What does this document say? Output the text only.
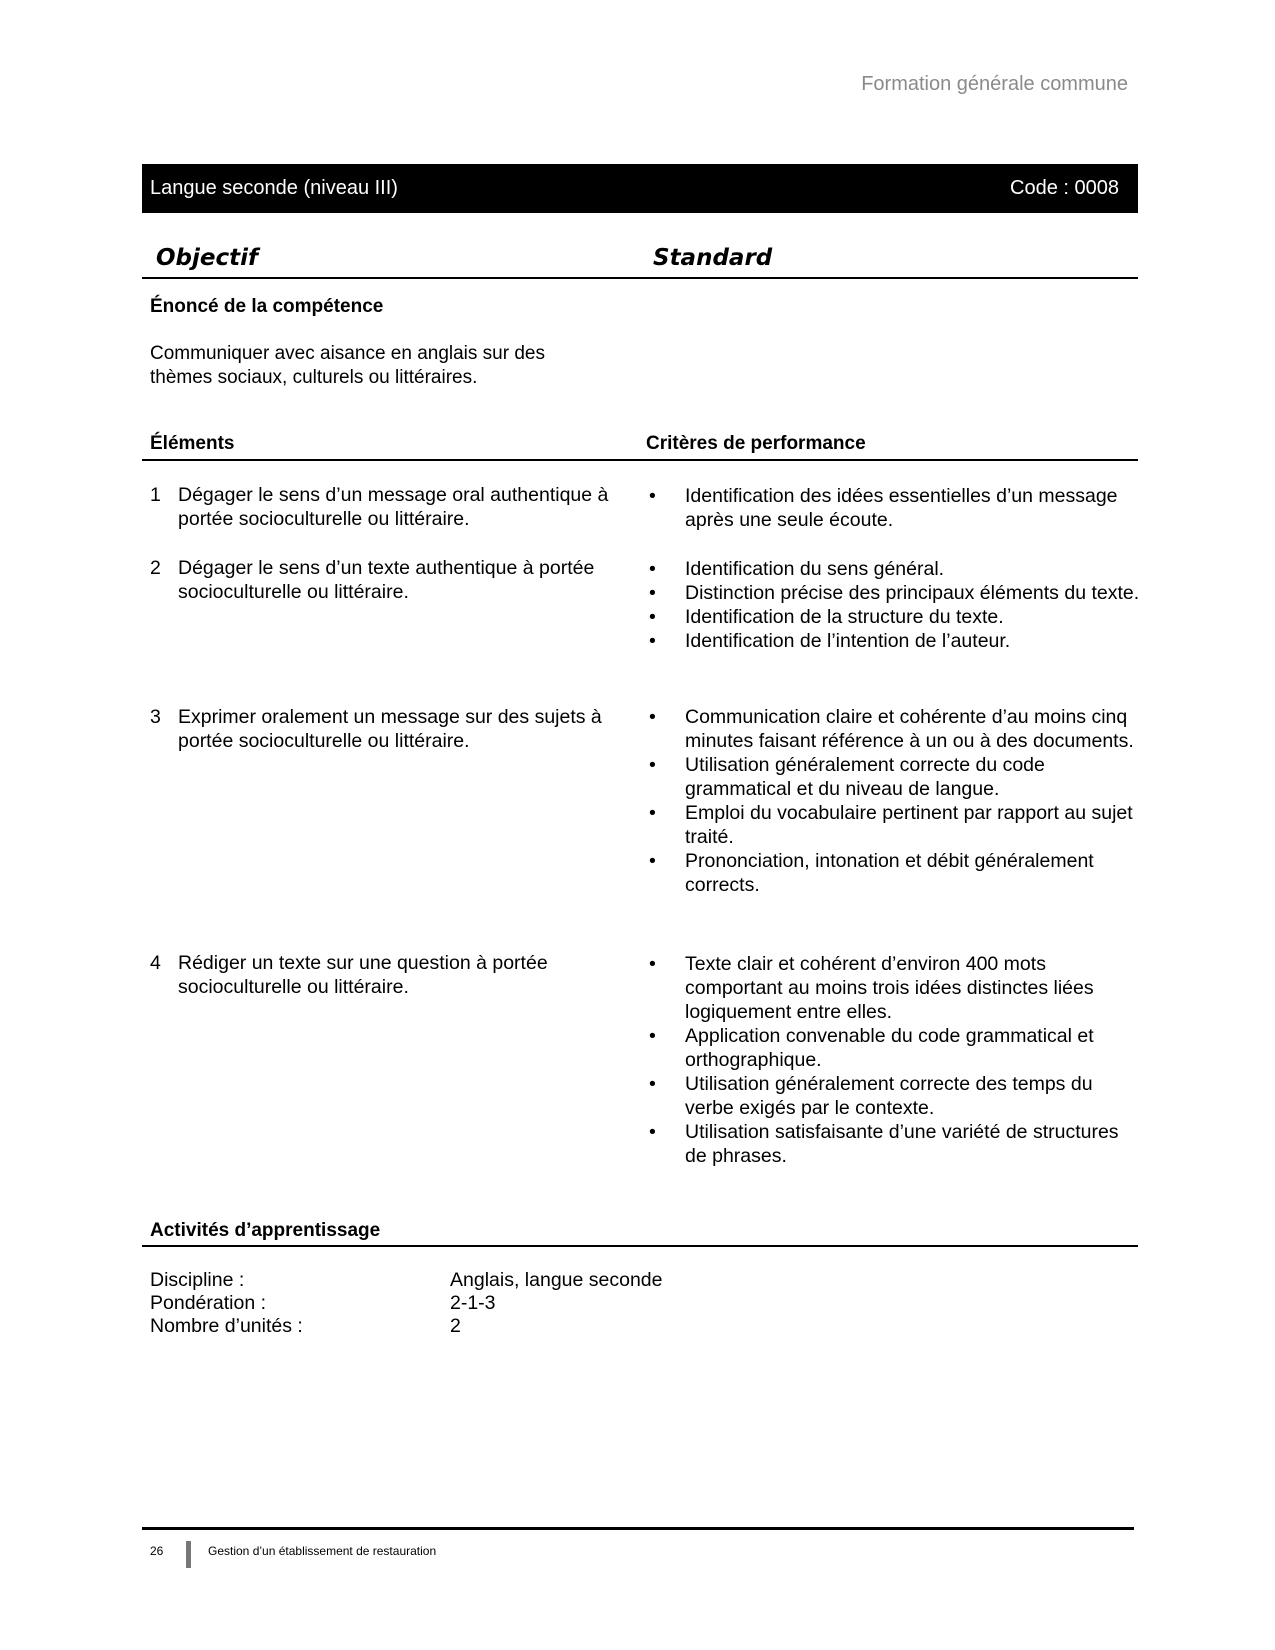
Formation générale commune
Langue seconde (niveau III)	Code : 0008
Objectif	Standard
Énoncé de la compétence
Communiquer avec aisance en anglais sur des
thèmes sociaux, culturels ou littéraires.
Éléments	Critères de performance
1 Dégager le sens d’un message oral authentique à portée socioculturelle ou littéraire.
• Identification des idées essentielles d’un message après une seule écoute.
2 Dégager le sens d’un texte authentique à portée socioculturelle ou littéraire.
• Identification du sens général.
• Distinction précise des principaux éléments du texte.
• Identification de la structure du texte.
• Identification de l’intention de l’auteur.
3 Exprimer oralement un message sur des sujets à portée socioculturelle ou littéraire.
• Communication claire et cohérente d’au moins cinq minutes faisant référence à un ou à des documents.
• Utilisation généralement correcte du code grammatical et du niveau de langue.
• Emploi du vocabulaire pertinent par rapport au sujet traité.
• Prononciation, intonation et débit généralement corrects.
4 Rédiger un texte sur une question à portée socioculturelle ou littéraire.
• Texte clair et cohérent d’environ 400 mots comportant au moins trois idées distinctes liées logiquement entre elles.
• Application convenable du code grammatical et orthographique.
• Utilisation généralement correcte des temps du verbe exigés par le contexte.
• Utilisation satisfaisante d’une variété de structures de phrases.
Activités d’apprentissage
Discipline :	Anglais, langue seconde
Pondération :	2-1-3
Nombre d’unités :	2
26	Gestion d’un établissement de restauration
